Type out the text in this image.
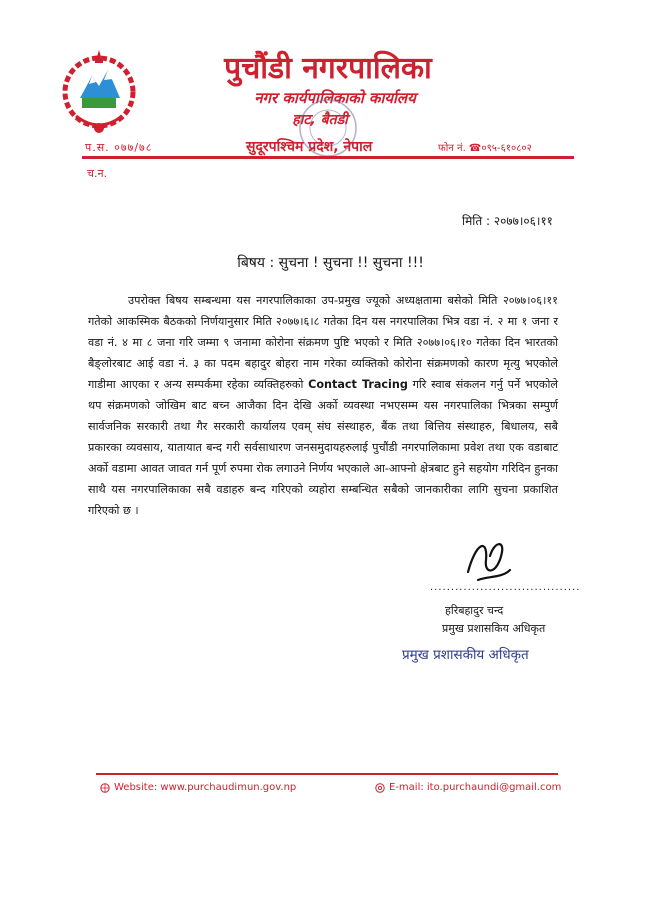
पुचौंडी नगरपालिका
नगर कार्यपालिकाको कार्यालय
हाट, बैतडी
प.स. ०७७/७८	सुदूरपश्चिम प्रदेश, नेपाल	फोन नं. ☎०९५-६१०८०२
च.न.
मिति : २०७७।०६।११
बिषय : सुचना ! सुचना !! सुचना !!!

उपरोक्त बिषय सम्बन्धमा यस नगरपालिकाका उप-प्रमुख ज्यूको अध्यक्षतामा बसेको मिति २०७७।०६।११ गतेको आकस्मिक बैठकको निर्णयानुसार मिति २०७७।६।८ गतेका दिन यस नगरपालिका भित्र वडा नं. २ मा १ जना र वडा नं. ४ मा ८ जना गरि जम्मा ९ जनामा कोरोना संक्रमण पुष्टि भएको र मिति २०७७।०६।१० गतेका दिन भारतको बैङ्लोरबाट आई वडा नं. ३ का पदम बहादुर बोहरा नाम गरेका व्यक्तिको कोरोना संक्रमणको कारण मृत्यु भएकोले गाडीमा आएका र अन्य सम्पर्कमा रहेका व्यक्तिहरुको Contact Tracing गरि स्वाब संकलन गर्नु पर्ने भएकोले थप संक्रमणको जोखिम बाट बच्न आजैका दिन देखि अर्को व्यवस्था नभएसम्म यस नगरपालिका भित्रका सम्पुर्ण सार्वजनिक सरकारी तथा गैर सरकारी कार्यालय एवम् संघ संस्थाहरु, बैंक तथा बित्तिय संस्थाहरु, बिधालय, सबै प्रकारका व्यवसाय, यातायात बन्द गरी सर्वसाधारण जनसमुदायहरुलाई पुचौंडी नगरपालिकामा प्रवेश तथा एक वडाबाट अर्को वडामा आवत जावत गर्न पूर्ण रुपमा रोक लगाउने निर्णय भएकाले आ-आफ्नो क्षेत्रबाट हुने सहयोग गरिदिन हुनका साथै यस नगरपालिकाका सबै वडाहरु बन्द गरिएको व्यहोरा सम्बन्धित सबैको जानकारीका लागि सुचना प्रकाशित गरिएको छ ।

....................................
हरिबहादुर चन्द
प्रमुख प्रशासकिय अधिकृत
प्रमुख प्रशासकीय अधिकृत
Website: www.purchaudimun.gov.np	E-mail: ito.purchaundi@gmail.com
